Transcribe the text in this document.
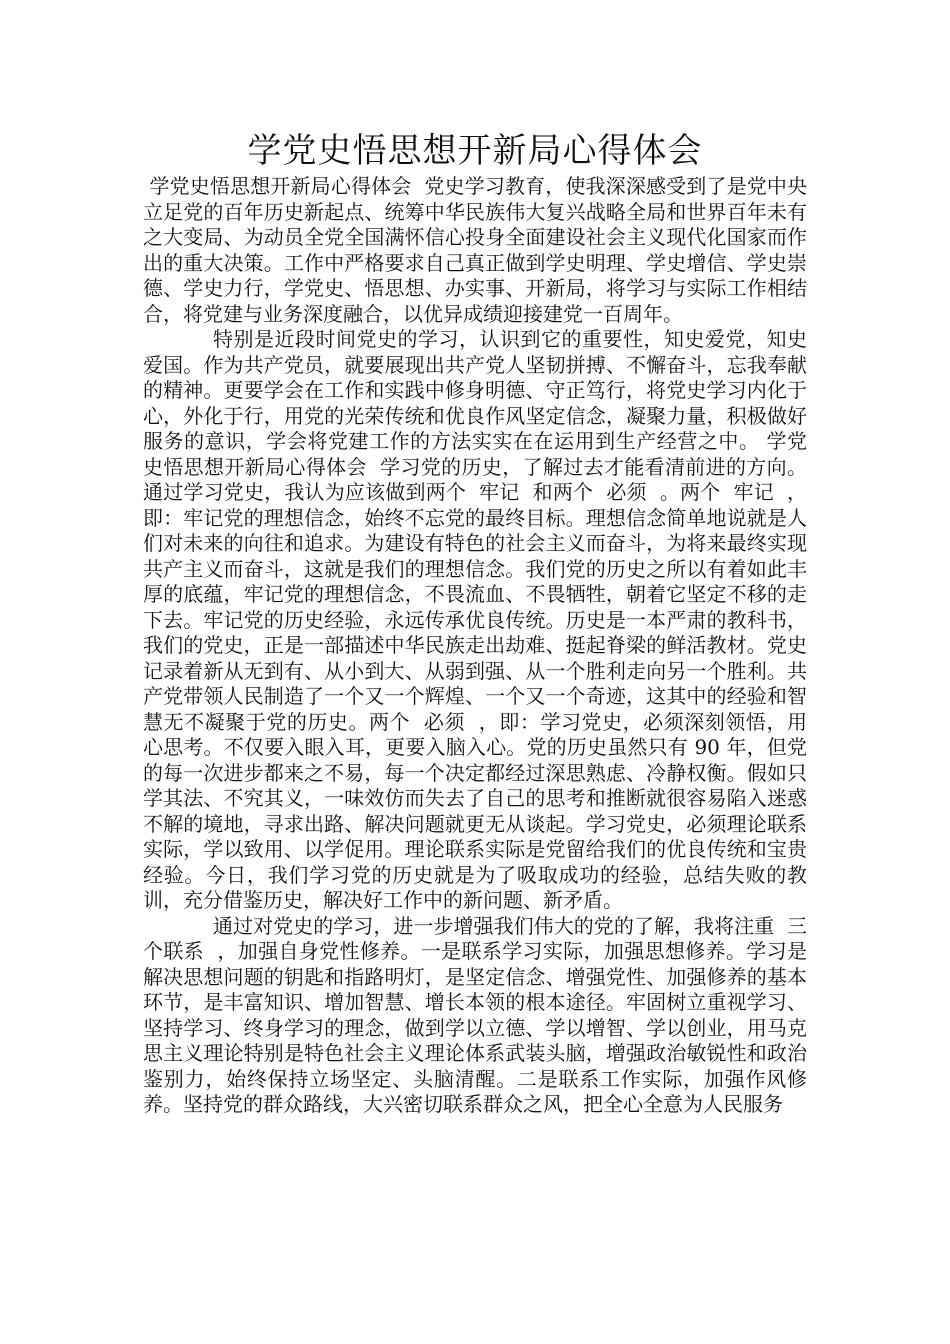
学党史悟思想开新局心得体会

学党史悟思想开新局心得体会  党史学习教育，使我深深感受到了是党中央立足党的百年历史新起点、统筹中华民族伟大复兴战略全局和世界百年未有之大变局、为动员全党全国满怀信心投身全面建设社会主义现代化国家而作出的重大决策。工作中严格要求自己真正做到学史明理、学史增信、学史崇德、学史力行，学党史、悟思想、办实事、开新局，将学习与实际工作相结合，将党建与业务深度融合，以优异成绩迎接建党一百周年。

特别是近段时间党史的学习，认识到它的重要性，知史爱党，知史爱国。作为共产党员，就要展现出共产党人坚韧拼搏、不懈奋斗，忘我奉献的精神。更要学会在工作和实践中修身明德、守正笃行，将党史学习内化于心，外化于行，用党的光荣传统和优良作风坚定信念，凝聚力量，积极做好服务的意识，学会将党建工作的方法实实在在运用到生产经营之中。 学党史悟思想开新局心得体会  学习党的历史，了解过去才能看清前进的方向。通过学习党史，我认为应该做到两个  牢记  和两个  必须  。两个  牢记  ，即：牢记党的理想信念，始终不忘党的最终目标。理想信念简单地说就是人们对未来的向往和追求。为建设有特色的社会主义而奋斗，为将来最终实现共产主义而奋斗，这就是我们的理想信念。我们党的历史之所以有着如此丰厚的底蕴，牢记党的理想信念，不畏流血、不畏牺牲，朝着它坚定不移的走下去。牢记党的历史经验，永远传承优良传统。历史是一本严肃的教科书，我们的党史，正是一部描述中华民族走出劫难、挺起脊梁的鲜活教材。党史记录着新从无到有、从小到大、从弱到强、从一个胜利走向另一个胜利。共产党带领人民制造了一个又一个辉煌、一个又一个奇迹，这其中的经验和智慧无不凝聚于党的历史。两个  必须  ，即：学习党史，必须深刻领悟，用心思考。不仅要入眼入耳，更要入脑入心。党的历史虽然只有 90 年，但党的每一次进步都来之不易，每一个决定都经过深思熟虑、冷静权衡。假如只学其法、不究其义，一味效仿而失去了自己的思考和推断就很容易陷入迷惑不解的境地，寻求出路、解决问题就更无从谈起。学习党史，必须理论联系实际，学以致用、以学促用。理论联系实际是党留给我们的优良传统和宝贵经验。今日，我们学习党的历史就是为了吸取成功的经验，总结失败的教训，充分借鉴历史，解决好工作中的新问题、新矛盾。

通过对党史的学习，进一步增强我们伟大的党的了解，我将注重  三个联系  ，加强自身党性修养。一是联系学习实际，加强思想修养。学习是解决思想问题的钥匙和指路明灯，是坚定信念、增强党性、加强修养的基本环节，是丰富知识、增加智慧、增长本领的根本途径。牢固树立重视学习、坚持学习、终身学习的理念，做到学以立德、学以增智、学以创业，用马克思主义理论特别是特色社会主义理论体系武装头脑，增强政治敏锐性和政治鉴别力，始终保持立场坚定、头脑清醒。二是联系工作实际，加强作风修养。坚持党的群众路线，大兴密切联系群众之风，把全心全意为人民服务
